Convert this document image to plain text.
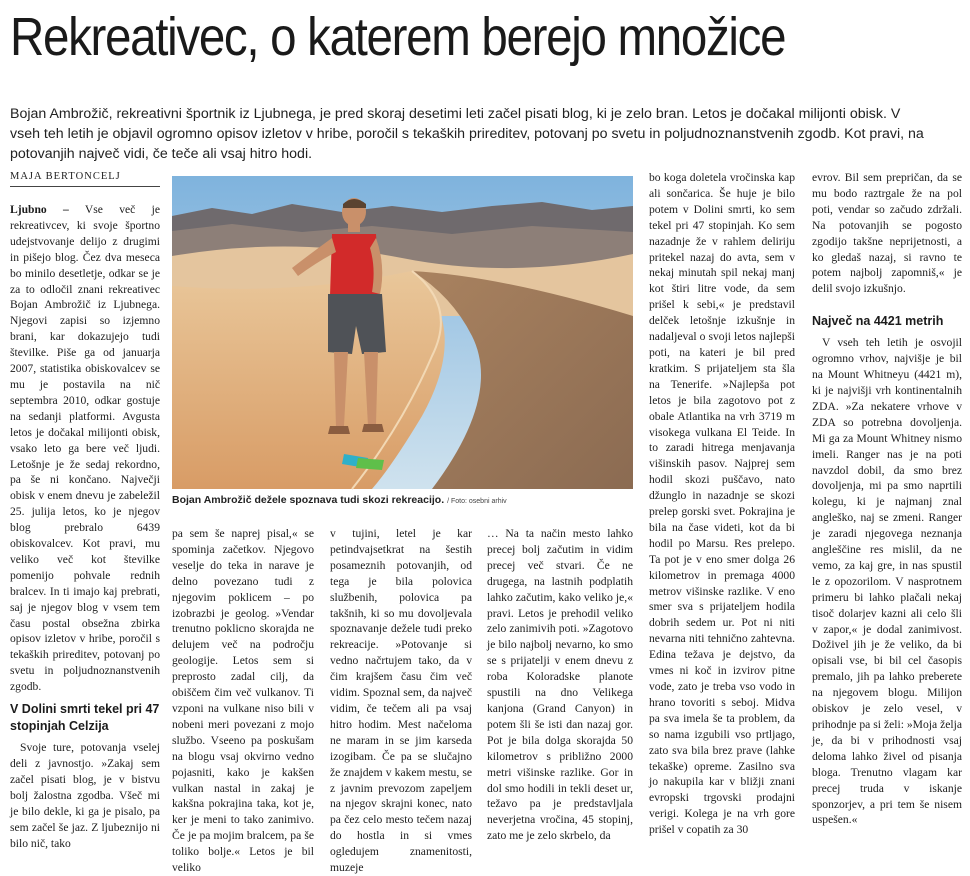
Rekreativec, o katerem berejo množice

Bojan Ambrožič, rekreativni športnik iz Ljubnega, je pred skoraj desetimi leti začel pisati blog, ki je zelo bran. Letos je dočakal milijonti obisk. V vseh teh letih je objavil ogromno opisov izletov v hribe, poročil s tekaških prireditev, potovanj po svetu in poljudnoznanstvenih zgodb. Kot pravi, na potovanjih največ vidi, če teče ali vsaj hitro hodi.

MAJA BERTONCELJ

Ljubno – Vse več je rekreativcev, ki svoje športno udejstvovanje delijo z drugimi in pišejo blog. Čez dva meseca bo minilo desetletje, odkar se je za to odločil znani rekreativec Bojan Ambrožič iz Ljubnega. Njegovi zapisi so izjemno brani, kar dokazujejo tudi številke. Piše ga od januarja 2007, statistika obiskovalcev se mu je postavila na nič septembra 2010, odkar gostuje na sedanji platformi. Avgusta letos je dočakal milijonti obisk, vsako leto ga bere več ljudi. Letošnje je že sedaj rekordno, pa še ni končano. Največji obisk v enem dnevu je zabeležil 25. julija letos, ko je njegov blog prebralo 6439 obiskovalcev. Kot pravi, mu veliko več kot številke pomenijo pohvale rednih bralcev. In ti imajo kaj prebrati, saj je njegov blog v vsem tem času postal obsežna zbirka opisov izletov v hribe, poročil s tekaških prireditev, potovanj po svetu in poljudnoznanstvenih zgodb.

V Dolini smrti tekel pri 47 stopinjah Celzija

Svoje ture, potovanja vselej deli z javnostjo. »Zakaj sem začel pisati blog, je v bistvu bolj žalostna zgodba. Všeč mi je bilo dekle, ki ga je pisalo, pa sem začel še jaz. Z ljubeznijo ni bilo nič, tako

Bojan Ambrožič dežele spoznava tudi skozi rekreacijo. / Foto: osebni arhiv

pa sem še naprej pisal,« se spominja začetkov. Njegovo veselje do teka in narave je delno povezano tudi z njegovim poklicem – po izobrazbi je geolog. »Vendar trenutno poklicno skorajda ne delujem več na področju geologije. Letos sem si preprosto zadal cilj, da obiščem čim več vulkanov. Ti vzponi na vulkane niso bili v nobeni meri povezani z mojo službo. Vseeno pa poskušam na blogu vsaj okvirno vedno pojasniti, kako je kakšen vulkan nastal in zakaj je kakšna pokrajina taka, kot je, ker je meni to tako zanimivo. Če je pa mojim bralcem, pa še toliko bolje.« Letos je bil veliko

v tujini, letel je kar petindvajsetkrat na šestih posameznih potovanjih, od tega je bila polovica službenih, polovica pa takšnih, ki so mu dovoljevala spoznavanje dežele tudi preko rekreacije. »Potovanje si vedno načrtujem tako, da v čim krajšem času čim več vidim. Spoznal sem, da največ vidim, če tečem ali pa vsaj hitro hodim. Mest načeloma ne maram in se jim karseda izogibam. Če pa se slučajno že znajdem v kakem mestu, se z javnim prevozom zapeljem na njegov skrajni konec, nato pa čez celo mesto tečem nazaj do hostla in si vmes ogledujem znamenitosti, muzeje

… Na ta način mesto lahko precej bolj začutim in vidim precej več stvari. Če ne drugega, na lastnih podplatih lahko začutim, kako veliko je,« pravi. Letos je prehodil veliko zelo zanimivih poti. »Zagotovo je bilo najbolj nevarno, ko smo se s prijatelji v enem dnevu z roba Koloradske planote spustili na dno Velikega kanjona (Grand Canyon) in potem šli še isti dan nazaj gor. Pot je bila dolga skorajda 50 kilometrov s približno 2000 metri višinske razlike. Gor in dol smo hodili in tekli deset ur, težavo pa je predstavljala neverjetna vročina, 45 stopinj, zato me je zelo skrbelo, da

bo koga doletela vročinska kap ali sončarica. Še huje je bilo potem v Dolini smrti, ko sem tekel pri 47 stopinjah. Ko sem nazadnje že v rahlem deliriju pritekel nazaj do avta, sem v nekaj minutah spil nekaj manj kot štiri litre vode, da sem prišel k sebi,« je predstavil delček letošnje izkušnje in nadaljeval o svoji letos najlepši poti, na kateri je bil pred kratkim. S prijateljem sta šla na Tenerife. »Najlepša pot letos je bila zagotovo pot z obale Atlantika na vrh 3719 m visokega vulkana El Teide. In to zaradi hitrega menjavanja višinskih pasov. Najprej sem hodil skozi puščavo, nato džunglo in nazadnje se skozi prelep gorski svet. Pokrajina je bila na čase videti, kot da bi hodil po Marsu. Res prelepo. Ta pot je v eno smer dolga 26 kilometrov in premaga 4000 metrov višinske razlike. V eno smer sva s prijateljem hodila dobrih sedem ur. Pot ni niti nevarna niti tehnično zahtevna. Edina težava je dejstvo, da vmes ni koč in izvirov pitne vode, zato je treba vso vodo in hrano tovoriti s seboj. Midva pa sva imela še ta problem, da so nama izgubili vso prtljago, zato sva bila brez prave (lahke tekaške) opreme. Zasilno sva jo nakupila kar v bližji znani evropski trgovski prodajni verigi. Kolega je na vrh gore prišel v copatih za 30

evrov. Bil sem prepričan, da se mu bodo raztrgale že na pol poti, vendar so začudo zdržali. Na potovanjih se pogosto zgodijo takšne neprijetnosti, a ko gledaš nazaj, si ravno te potem najbolj zapomniš,« je delil svojo izkušnjo.

Največ na 4421 metrih

V vseh teh letih je osvojil ogromno vrhov, najvišje je bil na Mount Whitneyu (4421 m), ki je najvišji vrh kontinentalnih ZDA. »Za nekatere vrhove v ZDA so potrebna dovoljenja. Mi ga za Mount Whitney nismo imeli. Ranger nas je na poti navzdol dobil, da smo brez dovoljenja, mi pa smo naprtili kolegu, ki je najmanj znal angleško, naj se zmeni. Ranger je zaradi njegovega neznanja angleščine res mislil, da ne vemo, za kaj gre, in nas spustil le z opozorilom. V nasprotnem primeru bi lahko plačali nekaj tisoč dolarjev kazni ali celo šli v zapor,« je dodal zanimivost. Doživel jih je že veliko, da bi opisali vse, bi bil cel časopis premalo, jih pa lahko preberete na njegovem blogu. Milijon obiskov je zelo vesel, v prihodnje pa si želi: »Moja želja je, da bi v prihodnosti vsaj deloma lahko živel od pisanja bloga. Trenutno vlagam kar precej truda v iskanje sponzorjev, a pri tem še nisem uspešen.«
